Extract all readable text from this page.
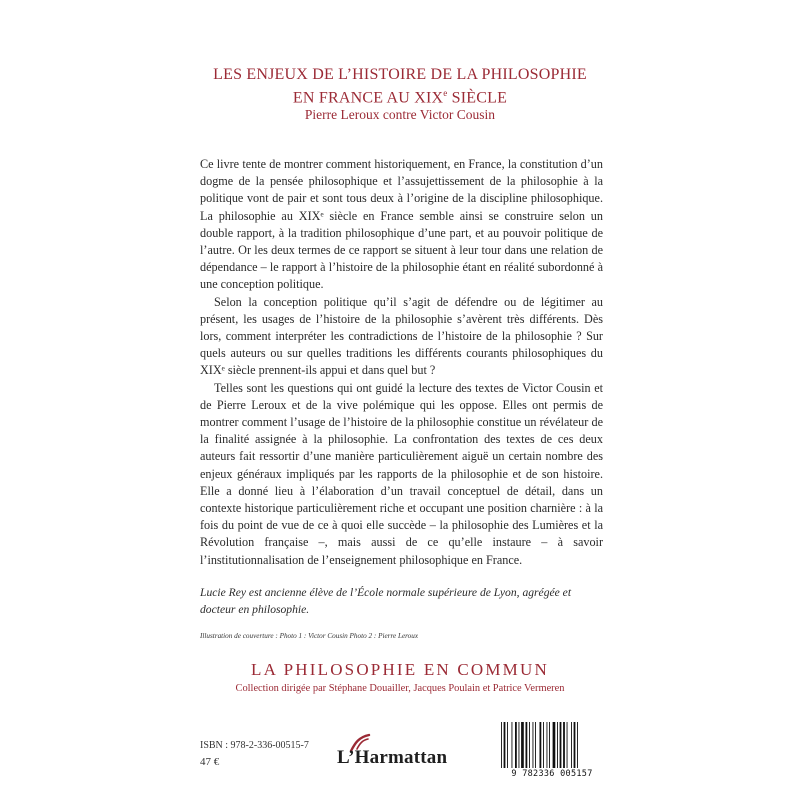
LES ENJEUX DE L’HISTOIRE DE LA PHILOSOPHIE
EN FRANCE AU XIXe SIÈCLE
Pierre Leroux contre Victor Cousin

Ce livre tente de montrer comment historiquement, en France, la constitution d’un dogme de la pensée philosophique et l’assujettissement de la philosophie à la politique vont de pair et sont tous deux à l’origine de la discipline philosophique. La philosophie au XIXᵉ siècle en France semble ainsi se construire selon un double rapport, à la tradition philosophique d’une part, et au pouvoir politique de l’autre. Or les deux termes de ce rapport se situent à leur tour dans une relation de dépendance – le rapport à l’histoire de la philosophie étant en réalité subordonné à une conception politique.

Selon la conception politique qu’il s’agit de défendre ou de légitimer au présent, les usages de l’histoire de la philosophie s’avèrent très différents. Dès lors, comment interpréter les contradictions de l’histoire de la philosophie ? Sur quels auteurs ou sur quelles traditions les différents courants philosophiques du XIXᵉ siècle prennent-ils appui et dans quel but ?

Telles sont les questions qui ont guidé la lecture des textes de Victor Cousin et de Pierre Leroux et de la vive polémique qui les oppose. Elles ont permis de montrer comment l’usage de l’histoire de la philosophie constitue un révélateur de la finalité assignée à la philosophie. La confrontation des textes de ces deux auteurs fait ressortir d’une manière particulièrement aiguë un certain nombre des enjeux généraux impliqués par les rapports de la philosophie et de son histoire. Elle a donné lieu à l’élaboration d’un travail conceptuel de détail, dans un contexte historique particulièrement riche et occupant une position charnière : à la fois du point de vue de ce à quoi elle succède – la philosophie des Lumières et la Révolution française –, mais aussi de ce qu’elle instaure – à savoir l’institutionnalisation de l’enseignement philosophique en France.

Lucie Rey est ancienne élève de l’École normale supérieure de Lyon, agrégée et docteur en philosophie.
Illustration de couverture : Photo 1 : Victor Cousin Photo 2 : Pierre Leroux
LA PHILOSOPHIE EN COMMUN
Collection dirigée par Stéphane Douailler, Jacques Poulain et Patrice Vermeren
ISBN : 978-2-336-00515-7
47 €	L’Harmattan
9 782336 005157
